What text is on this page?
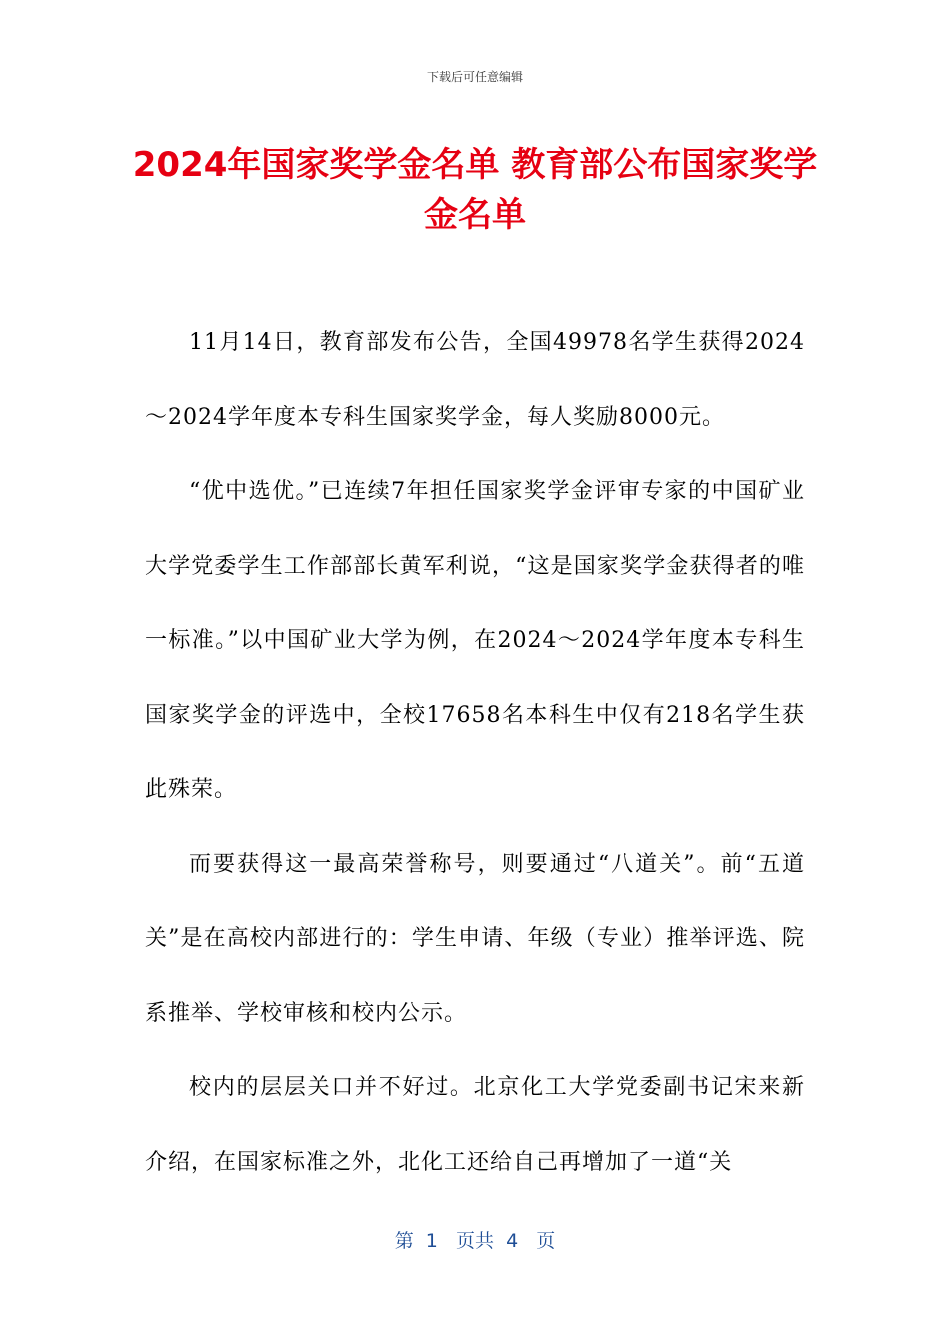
下载后可任意编辑
2024年国家奖学金名单 教育部公布国家奖学金名单

11月14日，教育部发布公告，全国49978名学生获得2024～2024学年度本专科生国家奖学金，每人奖励8000元。

“优中选优。”已连续7年担任国家奖学金评审专家的中国矿业大学党委学生工作部部长黄军利说，“这是国家奖学金获得者的唯一标准。”以中国矿业大学为例，在2024～2024学年度本专科生国家奖学金的评选中，全校17658名本科生中仅有218名学生获此殊荣。

而要获得这一最高荣誉称号，则要通过“八道关”。前“五道关”是在高校内部进行的：学生申请、年级（专业）推举评选、院系推举、学校审核和校内公示。

校内的层层关口并不好过。北京化工大学党委副书记宋来新介绍，在国家标准之外，北化工还给自己再增加了一道“关

第  1   页共  4   页
